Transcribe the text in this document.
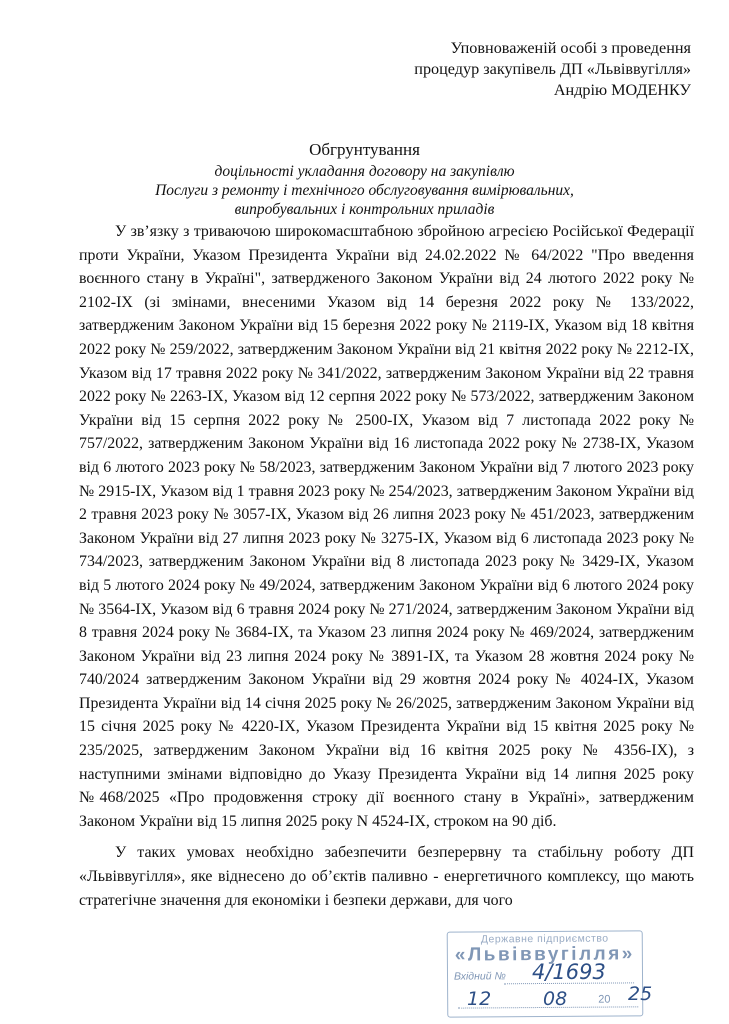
Уповноваженій особі з проведення
процедур закупівель ДП «Львіввугілля»
Андрію МОДЕНКУ
Обгрунтування
доцільності укладання договору на закупівлю
Послуги з ремонту і технічного обслуговування вимірювальних,
випробувальних і контрольних приладів

У зв’язку з триваючою широкомасштабною збройною агресією Російської Федерації проти України, Указом Президента України від 24.02.2022 № 64/2022 "Про введення воєнного стану в Україні", затвердженого Законом України від 24 лютого 2022 року № 2102-IX (зі змінами, внесеними Указом від 14 березня 2022 року № 133/2022, затвердженим Законом України від 15 березня 2022 року № 2119-IX, Указом від 18 квітня 2022 року № 259/2022, затвердженим Законом України від 21 квітня 2022 року № 2212-IX, Указом від 17 травня 2022 року № 341/2022, затвердженим Законом України від 22 травня 2022 року № 2263-IX, Указом від 12 серпня 2022 року № 573/2022, затвердженим Законом України від 15 серпня 2022 року № 2500-IX, Указом від 7 листопада 2022 року № 757/2022, затвердженим Законом України від 16 листопада 2022 року № 2738-IX, Указом від 6 лютого 2023 року № 58/2023, затвердженим Законом України від 7 лютого 2023 року № 2915-IX, Указом від 1 травня 2023 року № 254/2023, затвердженим Законом України від 2 травня 2023 року № 3057-IX, Указом від 26 липня 2023 року № 451/2023, затвердженим Законом України від 27 липня 2023 року № 3275-IX, Указом від 6 листопада 2023 року № 734/2023, затвердженим Законом України від 8 листопада 2023 року № 3429-IX, Указом від 5 лютого 2024 року № 49/2024, затвердженим Законом України від 6 лютого 2024 року № 3564-IX, Указом від 6 травня 2024 року № 271/2024, затвердженим Законом України від 8 травня 2024 року № 3684-IX, та Указом 23 липня 2024 року № 469/2024, затвердженим Законом України від 23 липня 2024 року № 3891-IX, та Указом 28 жовтня 2024 року № 740/2024 затвердженим Законом України від 29 жовтня 2024 року № 4024-IX, Указом Президента України від 14 січня 2025 року № 26/2025, затвердженим Законом України від 15 січня 2025 року № 4220-IX, Указом Президента України від 15 квітня 2025 року № 235/2025, затвердженим Законом України від 16 квітня 2025 року № 4356-IX), з наступними змінами відповідно до Указу Президента України від 14 липня 2025 року №468/2025 «Про продовження строку дії воєнного стану в Україні», затвердженим Законом України від 15 липня 2025 року N 4524-IX, строком на 90 діб.

У таких умовах необхідно забезпечити безперервну та стабільну роботу ДП «Львіввугілля», яке віднесено до об’єктів паливно - енергетичного комплексу, що мають стратегічне значення для економіки і безпеки держави, для чого

Державне підприємство
«Львіввугілля»
Вхідний №
20
4/1693
12	08	25
